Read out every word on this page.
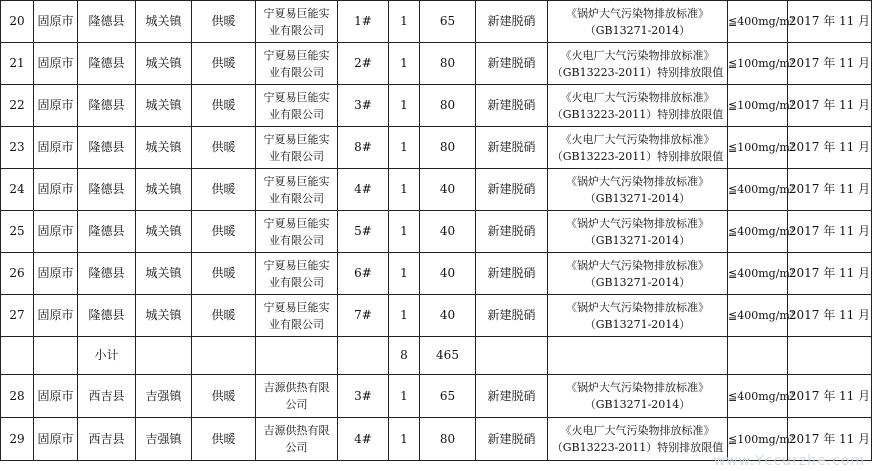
20	固原市	隆德县	城关镇	供暖	宁夏易巨能实
业有限公司	1#	1	65	新建脱硝	《锅炉大气污染物排放标准》
（GB13271-2014）	≦400mg/m³	2017 年 11 月
21	固原市	隆德县	城关镇	供暖	宁夏易巨能实
业有限公司	2#	1	80	新建脱硝	《火电厂大气污染物排放标准》
（GB13223-2011）特别排放限值	≦100mg/m³	2017 年 11 月
22	固原市	隆德县	城关镇	供暖	宁夏易巨能实
业有限公司	3#	1	80	新建脱硝	《火电厂大气污染物排放标准》
（GB13223-2011）特别排放限值	≦100mg/m³	2017 年 11 月
23	固原市	隆德县	城关镇	供暖	宁夏易巨能实
业有限公司	8#	1	80	新建脱硝	《火电厂大气污染物排放标准》
（GB13223-2011）特别排放限值	≦100mg/m³	2017 年 11 月
24	固原市	隆德县	城关镇	供暖	宁夏易巨能实
业有限公司	4#	1	40	新建脱硝	《锅炉大气污染物排放标准》
（GB13271-2014）	≦400mg/m³	2017 年 11 月
25	固原市	隆德县	城关镇	供暖	宁夏易巨能实
业有限公司	5#	1	40	新建脱硝	《锅炉大气污染物排放标准》
（GB13271-2014）	≦400mg/m³	2017 年 11 月
26	固原市	隆德县	城关镇	供暖	宁夏易巨能实
业有限公司	6#	1	40	新建脱硝	《锅炉大气污染物排放标准》
（GB13271-2014）	≦400mg/m³	2017 年 11 月
27	固原市	隆德县	城关镇	供暖	宁夏易巨能实
业有限公司	7#	1	40	新建脱硝	《锅炉大气污染物排放标准》
（GB13271-2014）	≦400mg/m³	2017 年 11 月
		小计					8	465				
28	固原市	西吉县	吉强镇	供暖	吉源供热有限
公司	3#	1	65	新建脱硝	《锅炉大气污染物排放标准》
（GB13271-2014）	≦400mg/m³	2017 年 11 月
29	固原市	西吉县	吉强镇	供暖	吉源供热有限
公司	4#	1	80	新建脱硝	《火电厂大气污染物排放标准》
（GB13223-2011）特别排放限值	≦100mg/m³	2017 年 11 月
www.Yccurzhe.com
